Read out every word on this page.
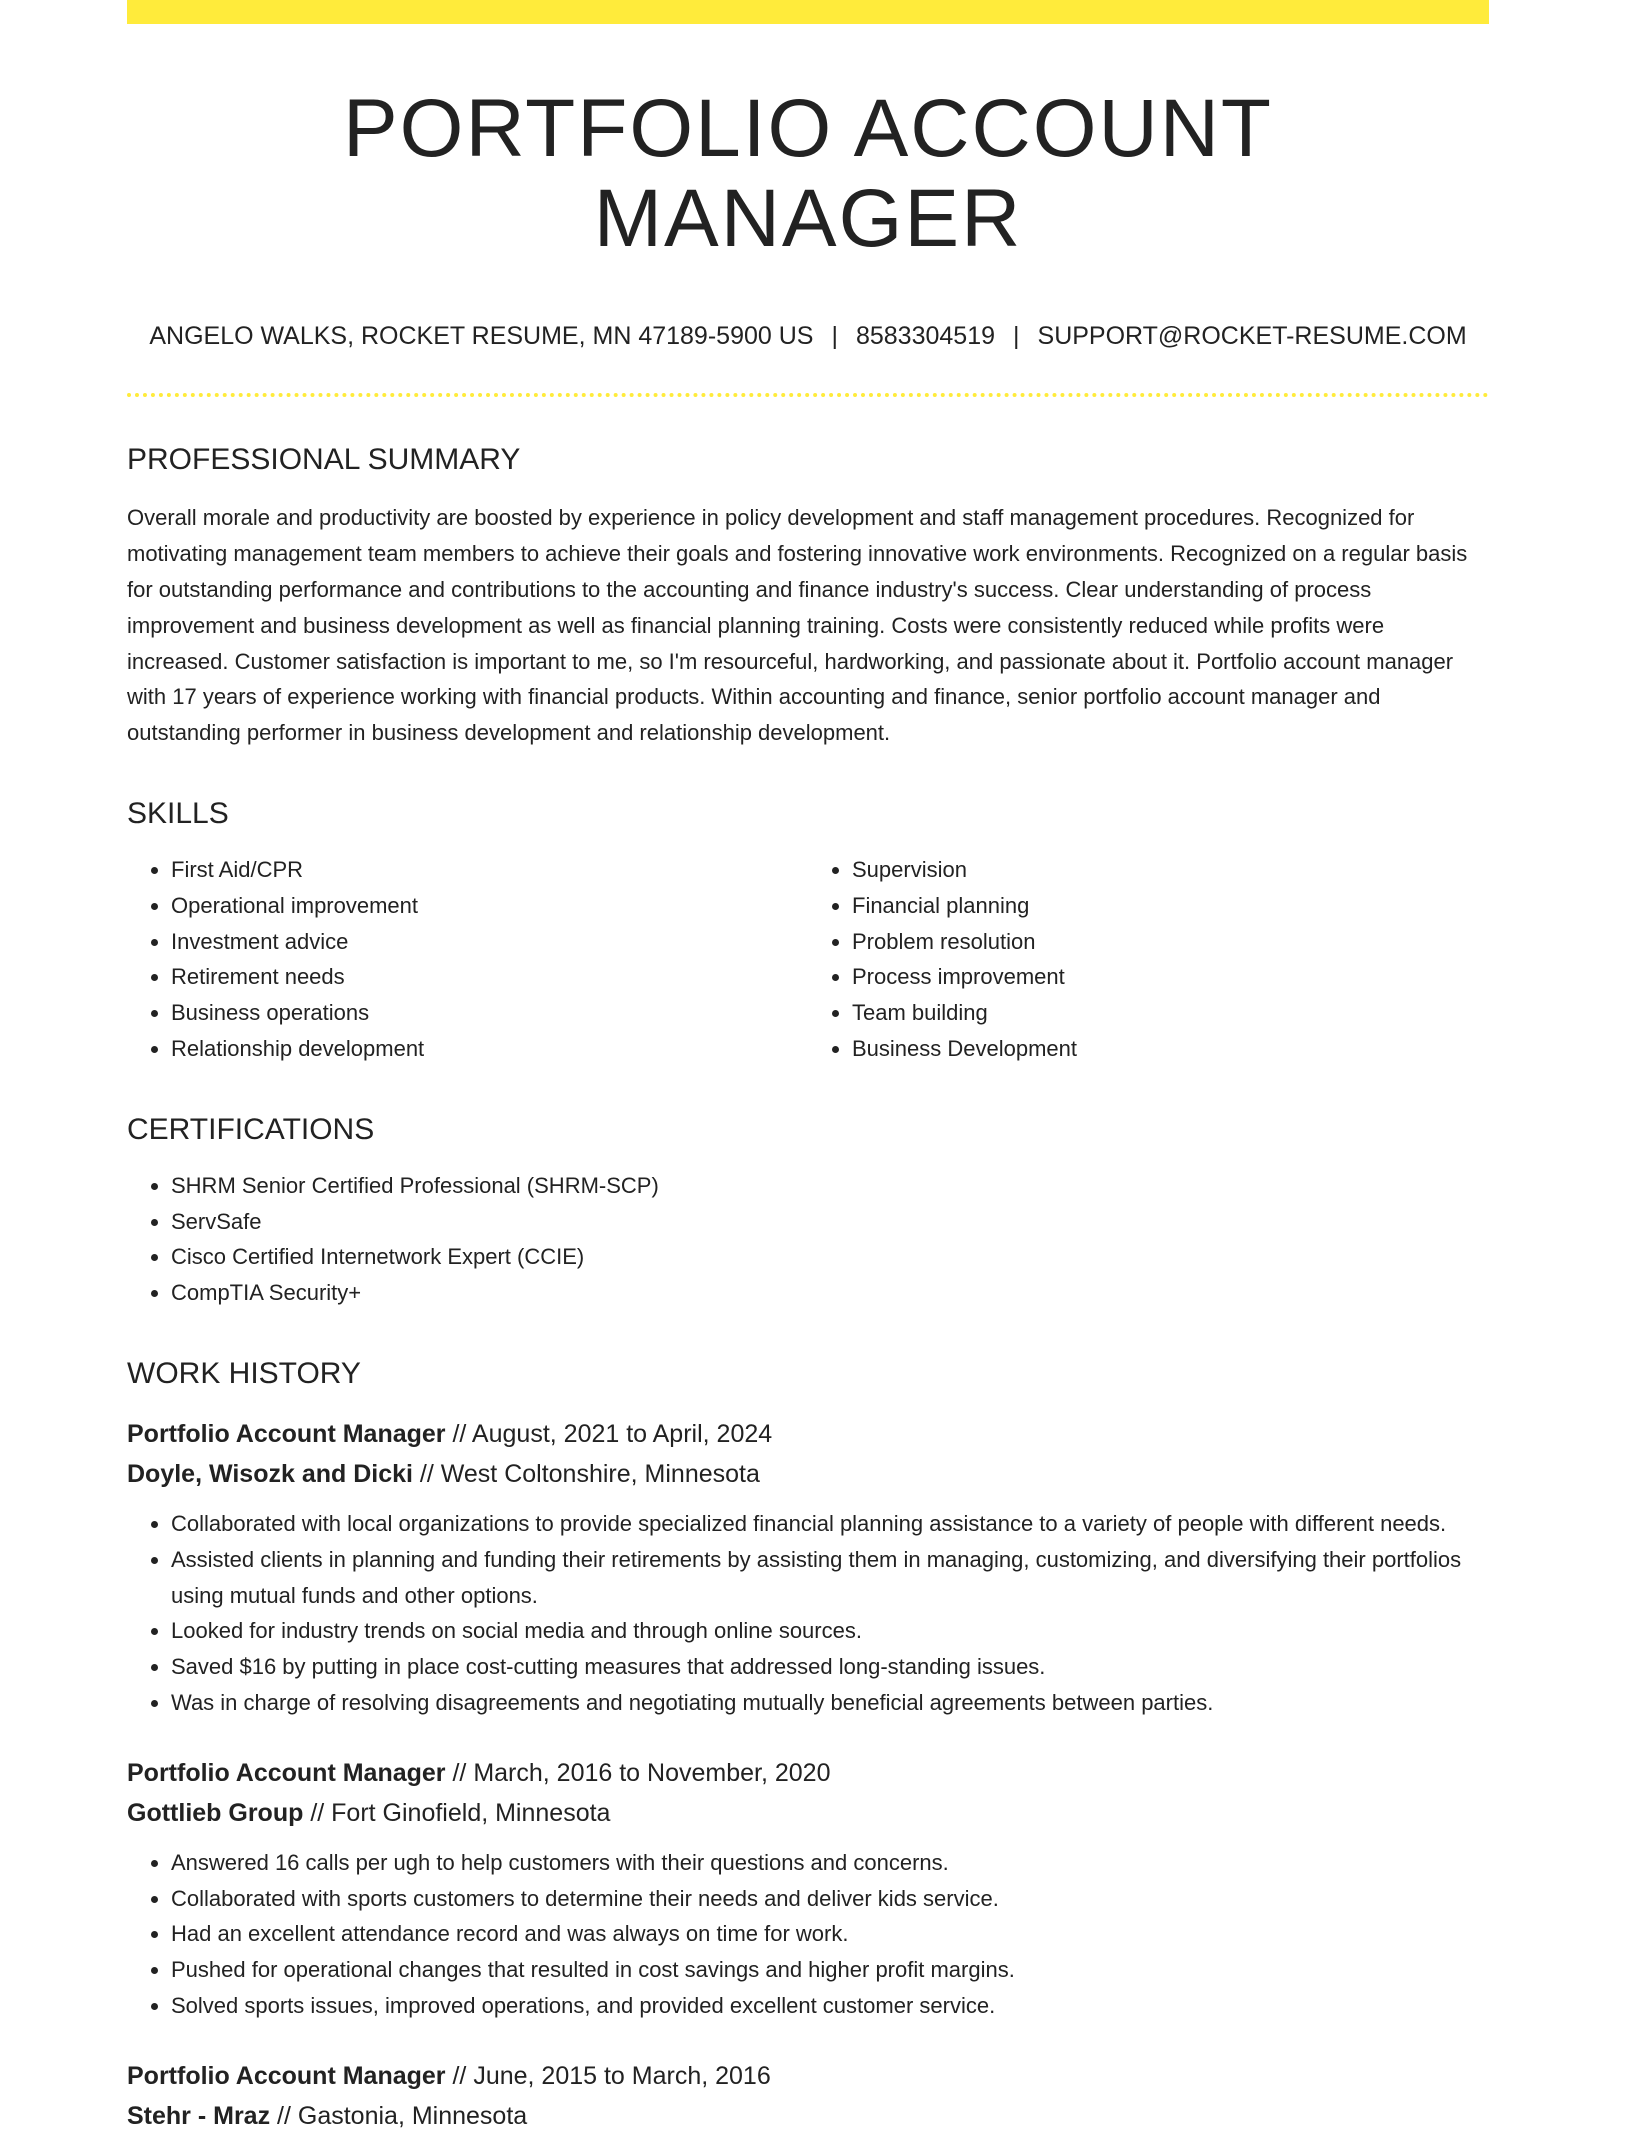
PORTFOLIO ACCOUNT MANAGER
ANGELO WALKS, ROCKET RESUME, MN 47189-5900 US | 8583304519 | SUPPORT@ROCKET-RESUME.COM
PROFESSIONAL SUMMARY

Overall morale and productivity are boosted by experience in policy development and staff management procedures. Recognized for motivating management team members to achieve their goals and fostering innovative work environments. Recognized on a regular basis for outstanding performance and contributions to the accounting and finance industry's success. Clear understanding of process improvement and business development as well as financial planning training. Costs were consistently reduced while profits were increased. Customer satisfaction is important to me, so I'm resourceful, hardworking, and passionate about it. Portfolio account manager with 17 years of experience working with financial products. Within accounting and finance, senior portfolio account manager and outstanding performer in business development and relationship development.

SKILLS
• First Aid/CPR
• Operational improvement
• Investment advice
• Retirement needs
• Business operations
• Relationship development
• Supervision
• Financial planning
• Problem resolution
• Process improvement
• Team building
• Business Development
CERTIFICATIONS
• SHRM Senior Certified Professional (SHRM-SCP)
• ServSafe
• Cisco Certified Internetwork Expert (CCIE)
• CompTIA Security+
WORK HISTORY
Portfolio Account Manager // August, 2021 to April, 2024
Doyle, Wisozk and Dicki // West Coltonshire, Minnesota
• Collaborated with local organizations to provide specialized financial planning assistance to a variety of people with different needs.
• Assisted clients in planning and funding their retirements by assisting them in managing, customizing, and diversifying their portfolios using mutual funds and other options.
• Looked for industry trends on social media and through online sources.
• Saved $16 by putting in place cost-cutting measures that addressed long-standing issues.
• Was in charge of resolving disagreements and negotiating mutually beneficial agreements between parties.
Portfolio Account Manager // March, 2016 to November, 2020
Gottlieb Group // Fort Ginofield, Minnesota
• Answered 16 calls per ugh to help customers with their questions and concerns.
• Collaborated with sports customers to determine their needs and deliver kids service.
• Had an excellent attendance record and was always on time for work.
• Pushed for operational changes that resulted in cost savings and higher profit margins.
• Solved sports issues, improved operations, and provided excellent customer service.
Portfolio Account Manager // June, 2015 to March, 2016
Stehr - Mraz // Gastonia, Minnesota
